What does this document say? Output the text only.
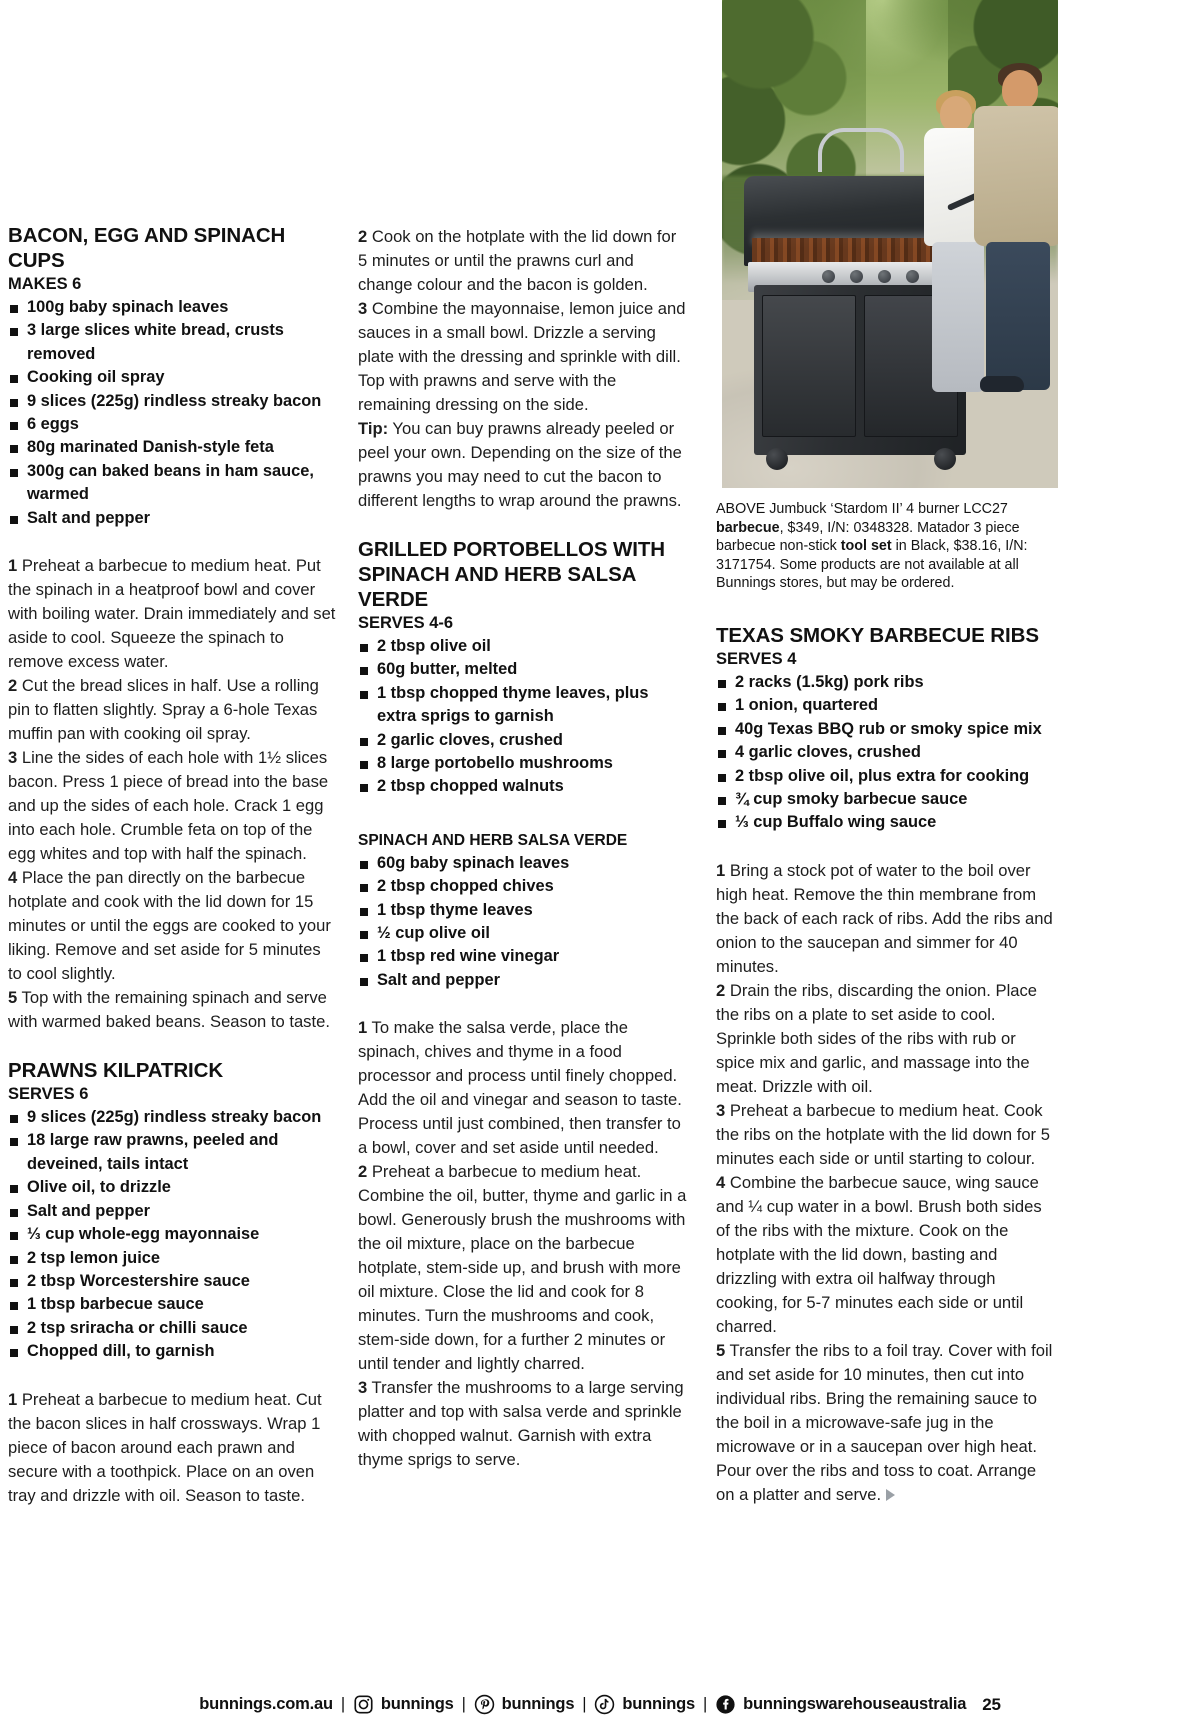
BACON, EGG AND SPINACH CUPS
MAKES 6
100g baby spinach leaves
3 large slices white bread, crusts removed
Cooking oil spray
9 slices (225g) rindless streaky bacon
6 eggs
80g marinated Danish-style feta
300g can baked beans in ham sauce, warmed
Salt and pepper

1 Preheat a barbecue to medium heat. Put the spinach in a heatproof bowl and cover with boiling water. Drain immediately and set aside to cool. Squeeze the spinach to remove excess water.

2 Cut the bread slices in half. Use a rolling pin to flatten slightly. Spray a 6-hole Texas muffin pan with cooking oil spray.

3 Line the sides of each hole with 1½ slices bacon. Press 1 piece of bread into the base and up the sides of each hole. Crack 1 egg into each hole. Crumble feta on top of the egg whites and top with half the spinach.

4 Place the pan directly on the barbecue hotplate and cook with the lid down for 15 minutes or until the eggs are cooked to your liking. Remove and set aside for 5 minutes to cool slightly.

5 Top with the remaining spinach and serve with warmed baked beans. Season to taste.

PRAWNS KILPATRICK
SERVES 6
9 slices (225g) rindless streaky bacon
18 large raw prawns, peeled and deveined, tails intact
Olive oil, to drizzle
Salt and pepper
⅓ cup whole-egg mayonnaise
2 tsp lemon juice
2 tbsp Worcestershire sauce
1 tbsp barbecue sauce
2 tsp sriracha or chilli sauce
Chopped dill, to garnish

1 Preheat a barbecue to medium heat. Cut the bacon slices in half crossways. Wrap 1 piece of bacon around each prawn and secure with a toothpick. Place on an oven tray and drizzle with oil. Season to taste.

2 Cook on the hotplate with the lid down for 5 minutes or until the prawns curl and change colour and the bacon is golden.

3 Combine the mayonnaise, lemon juice and sauces in a small bowl. Drizzle a serving plate with the dressing and sprinkle with dill. Top with prawns and serve with the remaining dressing on the side.

Tip: You can buy prawns already peeled or peel your own. Depending on the size of the prawns you may need to cut the bacon to different lengths to wrap around the prawns.

GRILLED PORTOBELLOS WITH SPINACH AND HERB SALSA VERDE
SERVES 4-6
2 tbsp olive oil
60g butter, melted
1 tbsp chopped thyme leaves, plus extra sprigs to garnish
2 garlic cloves, crushed
8 large portobello mushrooms
2 tbsp chopped walnuts
SPINACH AND HERB SALSA VERDE
60g baby spinach leaves
2 tbsp chopped chives
1 tbsp thyme leaves
½ cup olive oil
1 tbsp red wine vinegar
Salt and pepper

1 To make the salsa verde, place the spinach, chives and thyme in a food processor and process until finely chopped. Add the oil and vinegar and season to taste. Process until just combined, then transfer to a bowl, cover and set aside until needed.

2 Preheat a barbecue to medium heat. Combine the oil, butter, thyme and garlic in a bowl. Generously brush the mushrooms with the oil mixture, place on the barbecue hotplate, stem-side up, and brush with more oil mixture. Close the lid and cook for 8 minutes. Turn the mushrooms and cook, stem-side down, for a further 2 minutes or until tender and lightly charred.

3 Transfer the mushrooms to a large serving platter and top with salsa verde and sprinkle with chopped walnut. Garnish with extra thyme sprigs to serve.

ABOVE Jumbuck ‘Stardom II’ 4 burner LCC27 barbecue, $349, I/N: 0348328. Matador 3 piece barbecue non-stick tool set in Black, $38.16, I/N: 3171754. Some products are not available at all Bunnings stores, but may be ordered.
TEXAS SMOKY BARBECUE RIBS
SERVES 4
2 racks (1.5kg) pork ribs
1 onion, quartered
40g Texas BBQ rub or smoky spice mix
4 garlic cloves, crushed
2 tbsp olive oil, plus extra for cooking
¾ cup smoky barbecue sauce
⅓ cup Buffalo wing sauce

1 Bring a stock pot of water to the boil over high heat. Remove the thin membrane from the back of each rack of ribs. Add the ribs and onion to the saucepan and simmer for 40 minutes.

2 Drain the ribs, discarding the onion. Place the ribs on a plate to set aside to cool. Sprinkle both sides of the ribs with rub or spice mix and garlic, and massage into the meat. Drizzle with oil.

3 Preheat a barbecue to medium heat. Cook the ribs on the hotplate with the lid down for 5 minutes each side or until starting to colour.

4 Combine the barbecue sauce, wing sauce and ¼ cup water in a bowl. Brush both sides of the ribs with the mixture. Cook on the hotplate with the lid down, basting and drizzling with extra oil halfway through cooking, for 5-7 minutes each side or until charred.

5 Transfer the ribs to a foil tray. Cover with foil and set aside for 10 minutes, then cut into individual ribs. Bring the remaining sauce to the boil in a microwave-safe jug in the microwave or in a saucepan over high heat. Pour over the ribs and toss to coat. Arrange on a platter and serve.

bunnings.com.au | bunnings | bunnings | bunnings | bunningswarehouseaustralia 25
